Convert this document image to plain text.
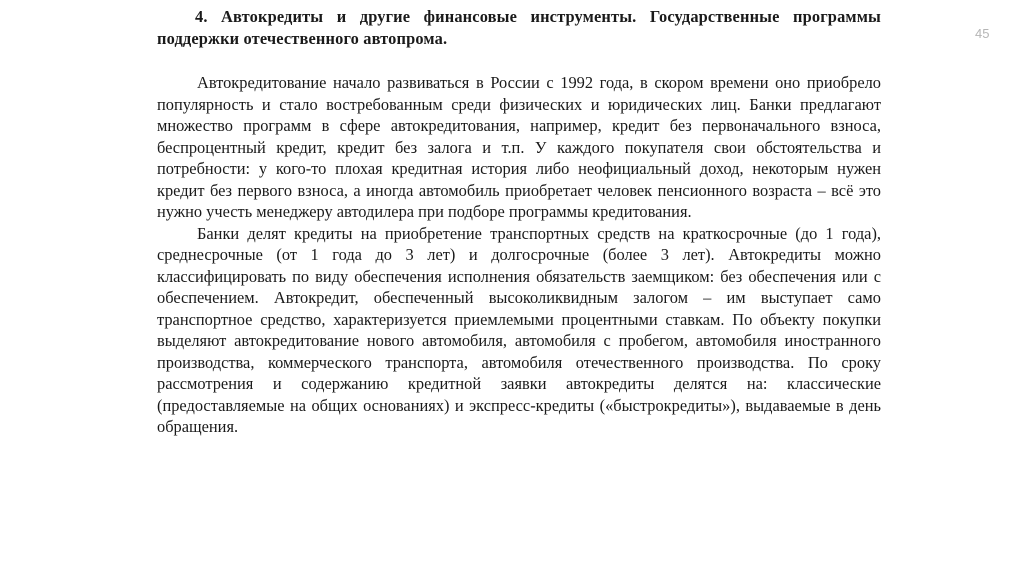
45
4. Автокредиты и другие финансовые инструменты. Государственные программы поддержки отечественного автопрома.

Автокредитование начало развиваться в России с 1992 года, в скором времени оно приобрело популярность и стало востребованным среди физических и юридических лиц. Банки предлагают множество программ в сфере автокредитования, например, кредит без первоначального взноса, беспроцентный кредит, кредит без залога и т.п. У каждого покупателя свои обстоятельства и потребности: у кого-то плохая кредитная история либо неофициальный доход, некоторым нужен кредит без первого взноса, а иногда автомобиль приобретает человек пенсионного возраста – всё это нужно учесть менеджеру автодилера при подборе программы кредитования.

Банки делят кредиты на приобретение транспортных средств на краткосрочные (до 1 года), среднесрочные (от 1 года до 3 лет) и долгосрочные (более 3 лет). Автокредиты можно классифицировать по виду обеспечения исполнения обязательств заемщиком: без обеспечения или с обеспечением. Автокредит, обеспеченный высоколиквидным залогом – им выступает само транспортное средство, характеризуется приемлемыми процентными ставкам. По объекту покупки выделяют автокредитование нового автомобиля, автомобиля с пробегом, автомобиля иностранного производства, коммерческого транспорта, автомобиля отечественного производства. По сроку рассмотрения и содержанию кредитной заявки автокредиты делятся на: классические (предоставляемые на общих основаниях) и экспресс-кредиты («быстрокредиты»), выдаваемые в день обращения.
